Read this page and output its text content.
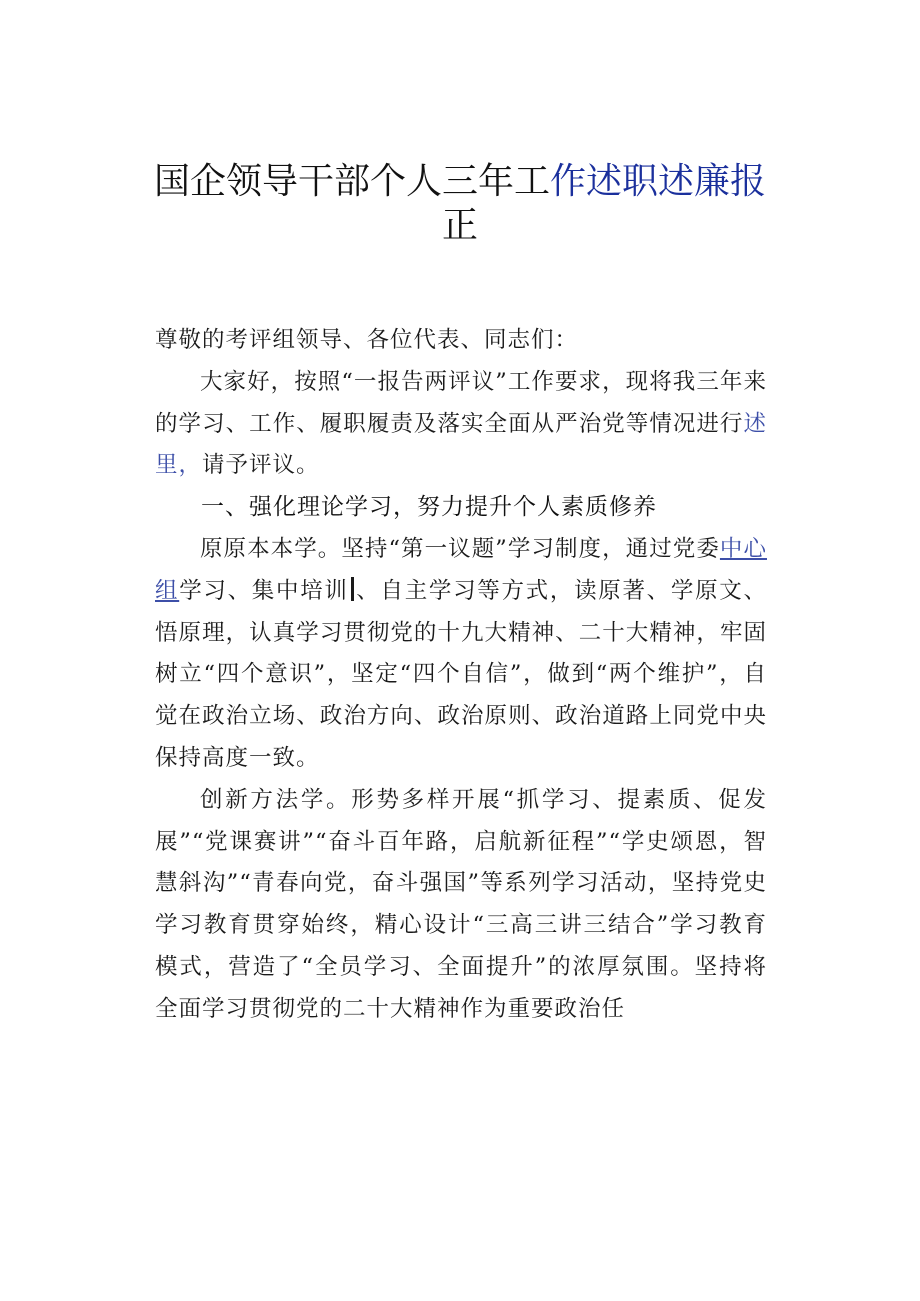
国企领导干部个人三年工作述职述廉报
正

尊敬的考评组领导、各位代表、同志们：

大家好，按照“一报告两评议”工作要求，现将我三年来的学习、工作、履职履责及落实全面从严治党等情况进行述里，请予评议。

一、强化理论学习，努力提升个人素质修养

原原本本学。坚持“第一议题”学习制度，通过党委中心组学习、集中培训 、自主学习等方式，读原著、学原文、悟原理，认真学习贯彻党的十九大精神、二十大精神，牢固树立“四个意识”，坚定“四个自信”，做到“两个维护”，自觉在政治立场、政治方向、政治原则、政治道路上同党中央保持高度一致。

创新方法学。形势多样开展“抓学习、提素质、促发展”“党课赛讲”“奋斗百年路，启航新征程”“学史颂恩，智慧斜沟”“青春向党，奋斗强国”等系列学习活动，坚持党史学习教育贯穿始终，精心设计“三高三讲三结合”学习教育模式，营造了“全员学习、全面提升”的浓厚氛围。坚持将全面学习贯彻党的二十大精神作为重要政治任
